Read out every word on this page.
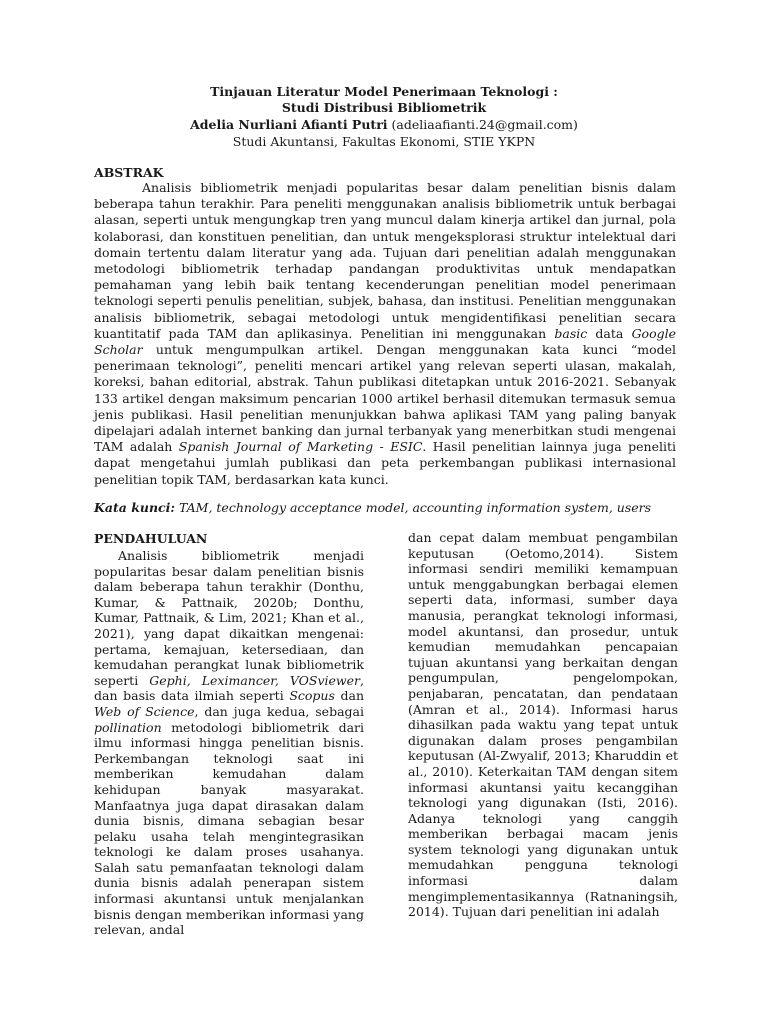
Tinjauan Literatur Model Penerimaan Teknologi :
Studi Distribusi Bibliometrik
Adelia Nurliani Afianti Putri (adeliaafianti.24@gmail.com)
Studi Akuntansi, Fakultas Ekonomi, STIE YKPN
ABSTRAK
Analisis bibliometrik menjadi popularitas besar dalam penelitian bisnis dalam beberapa tahun terakhir. Para peneliti menggunakan analisis bibliometrik untuk berbagai alasan, seperti untuk mengungkap tren yang muncul dalam kinerja artikel dan jurnal, pola kolaborasi, dan konstituen penelitian, dan untuk mengeksplorasi struktur intelektual dari domain tertentu dalam literatur yang ada. Tujuan dari penelitian adalah menggunakan metodologi bibliometrik terhadap pandangan produktivitas untuk mendapatkan pemahaman yang lebih baik tentang kecenderungan penelitian model penerimaan teknologi seperti penulis penelitian, subjek, bahasa, dan institusi. Penelitian menggunakan analisis bibliometrik, sebagai metodologi untuk mengidentifikasi penelitian secara kuantitatif pada TAM dan aplikasinya. Penelitian ini menggunakan basic data Google Scholar untuk mengumpulkan artikel. Dengan menggunakan kata kunci “model penerimaan teknologi”, peneliti mencari artikel yang relevan seperti ulasan, makalah, koreksi, bahan editorial, abstrak. Tahun publikasi ditetapkan untuk 2016-2021. Sebanyak 133 artikel dengan maksimum pencarian 1000 artikel berhasil ditemukan termasuk semua jenis publikasi. Hasil penelitian menunjukkan bahwa aplikasi TAM yang paling banyak dipelajari adalah internet banking dan jurnal terbanyak yang menerbitkan studi mengenai TAM adalah Spanish Journal of Marketing - ESIC. Hasil penelitian lainnya juga peneliti dapat mengetahui jumlah publikasi dan peta perkembangan publikasi internasional penelitian topik TAM, berdasarkan kata kunci.
Kata kunci: TAM, technology acceptance model, accounting information system, users
PENDAHULUAN
Analisis bibliometrik menjadi popularitas besar dalam penelitian bisnis dalam beberapa tahun terakhir (Donthu, Kumar, & Pattnaik, 2020b; Donthu, Kumar, Pattnaik, & Lim, 2021; Khan et al., 2021), yang dapat dikaitkan mengenai: pertama, kemajuan, ketersediaan, dan kemudahan perangkat lunak bibliometrik seperti Gephi, Leximancer, VOSviewer, dan basis data ilmiah seperti Scopus dan Web of Science, dan juga kedua, sebagai pollination metodologi bibliometrik dari ilmu informasi hingga penelitian bisnis. Perkembangan teknologi saat ini memberikan kemudahan dalam kehidupan banyak masyarakat. Manfaatnya juga dapat dirasakan dalam dunia bisnis, dimana sebagian besar pelaku usaha telah mengintegrasikan teknologi ke dalam proses usahanya. Salah satu pemanfaatan teknologi dalam dunia bisnis adalah penerapan sistem informasi akuntansi untuk menjalankan bisnis dengan memberikan informasi yang relevan, andal
dan cepat dalam membuat pengambilan keputusan (Oetomo,2014). Sistem informasi sendiri memiliki kemampuan untuk menggabungkan berbagai elemen seperti data, informasi, sumber daya manusia, perangkat teknologi informasi, model akuntansi, dan prosedur, untuk kemudian memudahkan pencapaian tujuan akuntansi yang berkaitan dengan pengumpulan, pengelompokan, penjabaran, pencatatan, dan pendataan (Amran et al., 2014). Informasi harus dihasilkan pada waktu yang tepat untuk digunakan dalam proses pengambilan keputusan (Al-Zwyalif, 2013; Kharuddin et al., 2010). Keterkaitan TAM dengan sitem informasi akuntansi yaitu kecanggihan teknologi yang digunakan (Isti, 2016). Adanya teknologi yang canggih memberikan berbagai macam jenis system teknologi yang digunakan untuk memudahkan pengguna teknologi informasi dalam mengimplementasikannya (Ratnaningsih, 2014). Tujuan dari penelitian ini adalah
